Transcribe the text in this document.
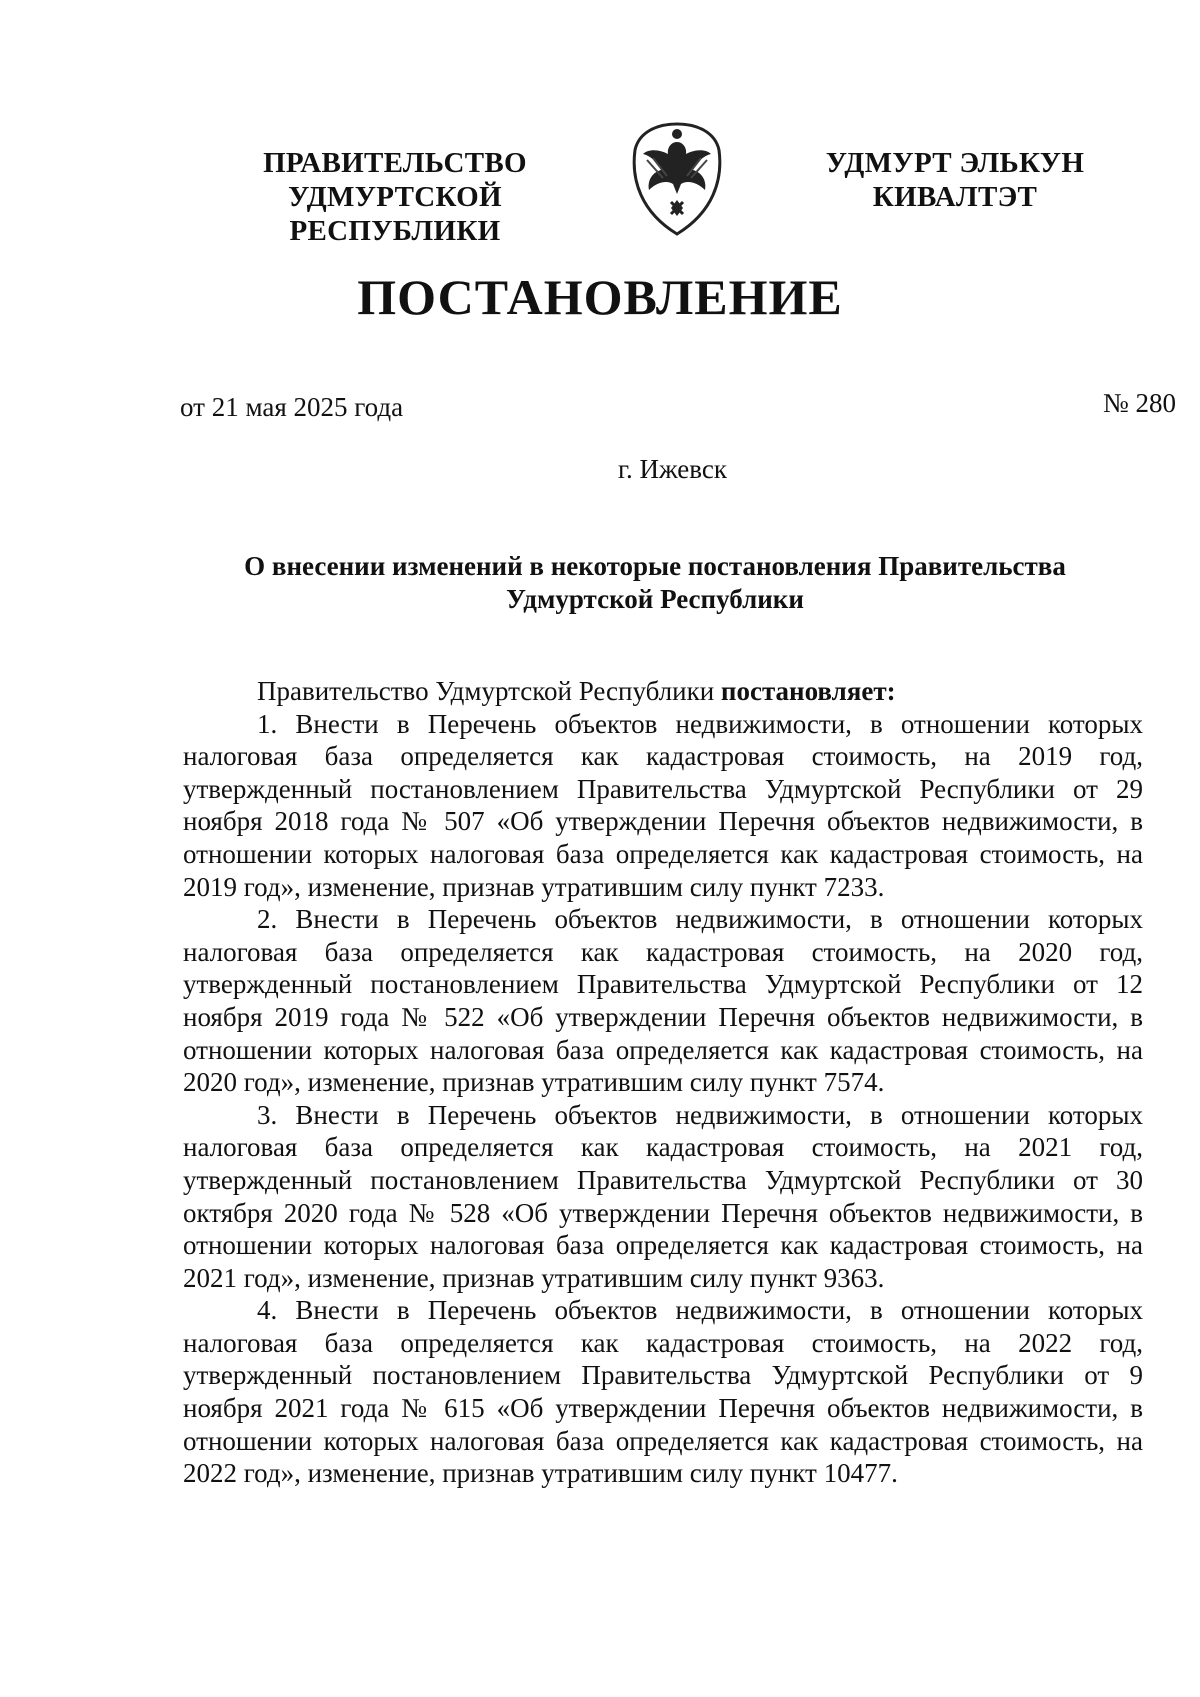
ПРАВИТЕЛЬСТВО
УДМУРТСКОЙ РЕСПУБЛИКИ
УДМУРТ ЭЛЬКУН
КИВАЛТЭТ
ПОСТАНОВЛЕНИЕ
от 21 мая 2025 года	№ 280
г. Ижевск
О внесении изменений в некоторые постановления Правительства
Удмуртской Республики

Правительство Удмуртской Республики постановляет:

1. Внести в Перечень объектов недвижимости, в отношении которых налоговая база определяется как кадастровая стоимость, на 2019 год, утвержденный постановлением Правительства Удмуртской Республики от 29 ноября 2018 года № 507 «Об утверждении Перечня объектов недвижимости, в отношении которых налоговая база определяется как кадастровая стоимость, на 2019 год», изменение, признав утратившим силу пункт 7233.

2. Внести в Перечень объектов недвижимости, в отношении которых налоговая база определяется как кадастровая стоимость, на 2020 год, утвержденный постановлением Правительства Удмуртской Республики от 12 ноября 2019 года № 522 «Об утверждении Перечня объектов недвижимости, в отношении которых налоговая база определяется как кадастровая стоимость, на 2020 год», изменение, признав утратившим силу пункт 7574.

3. Внести в Перечень объектов недвижимости, в отношении которых налоговая база определяется как кадастровая стоимость, на 2021 год, утвержденный постановлением Правительства Удмуртской Республики от 30 октября 2020 года № 528 «Об утверждении Перечня объектов недвижимости, в отношении которых налоговая база определяется как кадастровая стоимость, на 2021 год», изменение, признав утратившим силу пункт 9363.

4. Внести в Перечень объектов недвижимости, в отношении которых налоговая база определяется как кадастровая стоимость, на 2022 год, утвержденный постановлением Правительства Удмуртской Республики от 9 ноября 2021 года № 615 «Об утверждении Перечня объектов недвижимости, в отношении которых налоговая база определяется как кадастровая стоимость, на 2022 год», изменение, признав утратившим силу пункт 10477.
